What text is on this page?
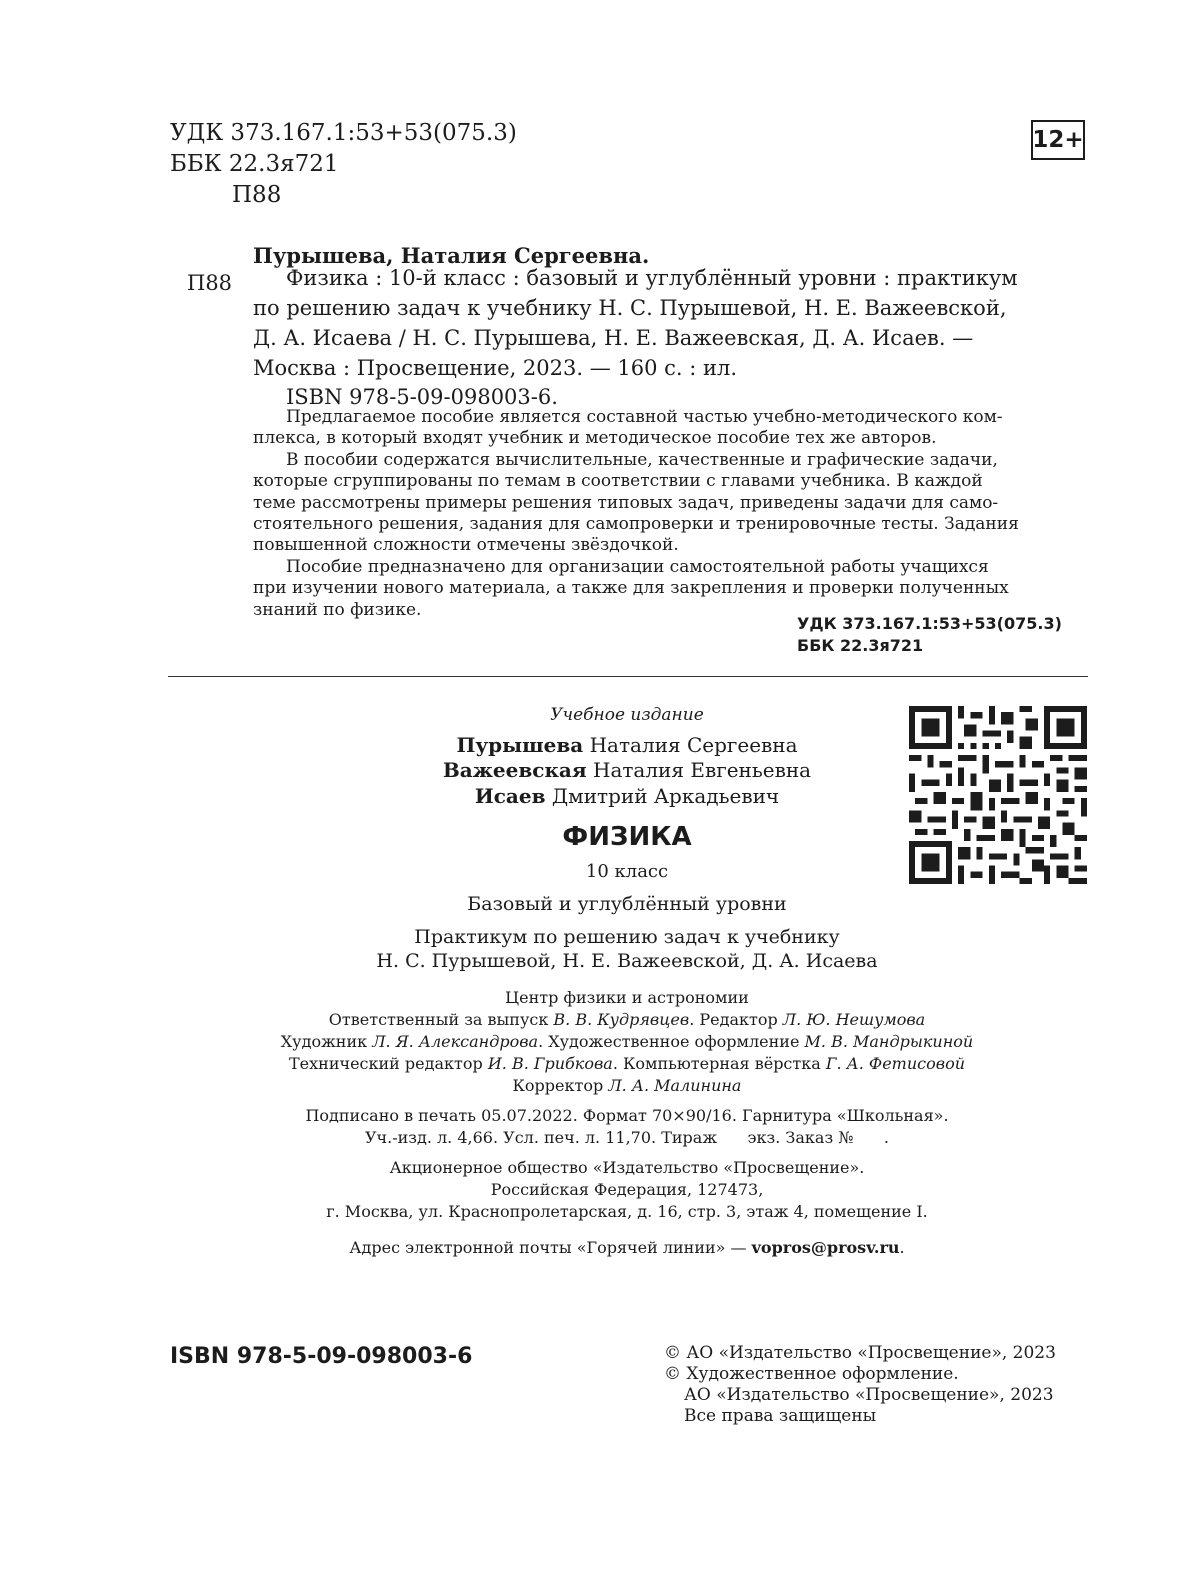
УДК 373.167.1:53+53(075.3)
ББК 22.3я721
П88
12+
П88
Пурышева, Наталия Сергеевна.
Физика : 10-й класс : базовый и углублённый уровни : практикум
по решению задач к учебнику Н. С. Пурышевой, Н. Е. Важеевской,
Д. А. Исаева / Н. С. Пурышева, Н. Е. Важеевская, Д. А. Исаев. —
Москва : Просвещение, 2023. — 160 с. : ил.
ISBN 978-5-09-098003-6.
Предлагаемое пособие является составной частью учебно-методического ком-
плекса, в который входят учебник и методическое пособие тех же авторов.
В пособии содержатся вычислительные, качественные и графические задачи,
которые сгруппированы по темам в соответствии с главами учебника. В каждой
теме рассмотрены примеры решения типовых задач, приведены задачи для само-
стоятельного решения, задания для самопроверки и тренировочные тесты. Задания
повышенной сложности отмечены звёздочкой.
Пособие предназначено для организации самостоятельной работы учащихся
при изучении нового материала, а также для закрепления и проверки полученных
знаний по физике.
УДК 373.167.1:53+53(075.3)
ББК 22.3я721
Учебное издание
Пурышева Наталия Сергеевна
Важеевская Наталия Евгеньевна
Исаев Дмитрий Аркадьевич
ФИЗИКА
10 класс
Базовый и углублённый уровни
Практикум по решению задач к учебнику
Н. С. Пурышевой, Н. Е. Важеевской, Д. А. Исаева
Центр физики и астрономии
Ответственный за выпуск В. В. Кудрявцев. Редактор Л. Ю. Нешумова
Художник Л. Я. Александрова. Художественное оформление М. В. Мандрыкиной
Технический редактор И. В. Грибкова. Компьютерная вёрстка Г. А. Фетисовой
Корректор Л. А. Малинина
Подписано в печать 05.07.2022. Формат 70×90/16. Гарнитура «Школьная».
Уч.-изд. л. 4,66. Усл. печ. л. 11,70. Тираж      экз. Заказ №      .
Акционерное общество «Издательство «Просвещение».
Российская Федерация, 127473,
г. Москва, ул. Краснопролетарская, д. 16, стр. 3, этаж 4, помещение I.
Адрес электронной почты «Горячей линии» — vopros@prosv.ru.
ISBN 978-5-09-098003-6	© АО «Издательство «Просвещение», 2023
© Художественное оформление.
АО «Издательство «Просвещение», 2023
Все права защищены
